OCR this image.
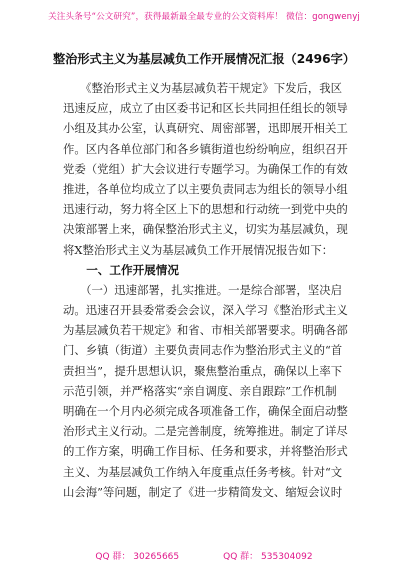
关注头条号“公文研究”，获得最新最全最专业的公文资料库！ 微信：gongwenyj
整治形式主义为基层减负工作开展情况汇报（2496字）
　　《整治形式主义为基层减负若干规定》下发后，我区
迅速反应，成立了由区委书记和区长共同担任组长的领导
小组及其办公室，认真研究、周密部署，迅即展开相关工
作。区内各单位部门和各乡镇街道也纷纷响应，组织召开
党委（党组）扩大会议进行专题学习。为确保工作的有效
推进，各单位均成立了以主要负责同志为组长的领导小组
迅速行动，努力将全区上下的思想和行动统一到党中央的
决策部署上来，确保整治形式主义，切实为基层减负，现
将X整治形式主义为基层减负工作开展情况报告如下：
　　一、工作开展情况
　　（一）迅速部署，扎实推进。一是综合部署，坚决启
动。迅速召开县委常委会会议，深入学习《整治形式主义
为基层减负若干规定》和省、市相关部署要求。明确各部
门、乡镇（街道）主要负责同志作为整治形式主义的“首
责担当”，提升思想认识，聚焦整治重点，确保以上率下
示范引领，并严格落实“亲自调度、亲自跟踪”工作机制
明确在一个月内必须完成各项准备工作，确保全面启动整
治形式主义行动。二是完善制度，统筹推进。制定了详尽
的工作方案，明确工作目标、任务和要求，并将整治形式
主义、为基层减负工作纳入年度重点任务考核。针对“文
山会海”等问题，制定了《进一步精简发文、缩短会议时
QQ 群： 30265665	QQ 群： 535304092
